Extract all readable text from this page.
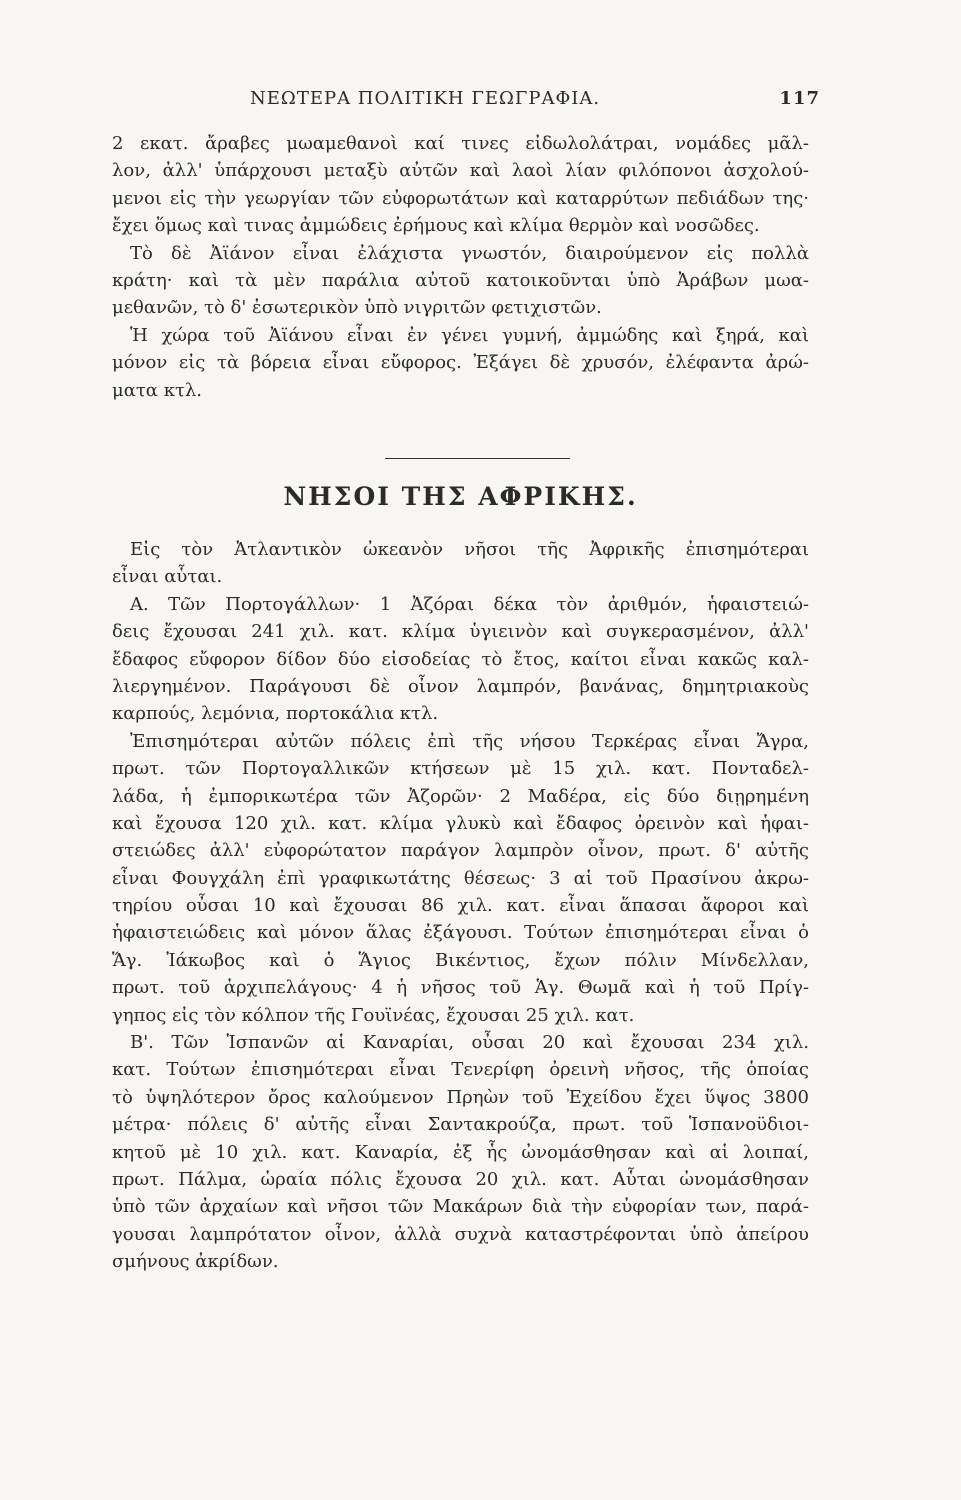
ΝΕΩΤΕΡΑ ΠΟΛΙΤΙΚΗ ΓΕΩΓΡΑΦΙΑ.	117
2 εκατ. ἄραβες μωαμεθανοὶ καί τινες εἰδωλολάτραι, νομάδες μᾶλ-
λον, ἀλλ' ὑπάρχουσι μεταξὺ αὐτῶν καὶ λαοὶ λίαν φιλόπονοι ἀσχολού-
μενοι εἰς τὴν γεωργίαν τῶν εὐφορωτάτων καὶ καταρρύτων πεδιάδων της·
ἔχει ὅμως καὶ τινας ἀμμώδεις ἐρήμους καὶ κλίμα θερμὸν καὶ νοσῶδες.
Τὸ δὲ Ἀϊάνον εἶναι ἐλάχιστα γνωστόν, διαιρούμενον εἰς πολλὰ
κράτη· καὶ τὰ μὲν παράλια αὐτοῦ κατοικοῦνται ὑπὸ Ἀράβων μωα-
μεθανῶν, τὸ δ' ἐσωτερικὸν ὑπὸ νιγριτῶν φετιχιστῶν.
Ἡ χώρα τοῦ Ἀϊάνου εἶναι ἐν γένει γυμνή, ἀμμώδης καὶ ξηρά, καὶ
μόνον εἰς τὰ βόρεια εἶναι εὔφορος. Ἐξάγει δὲ χρυσόν, ἐλέφαντα ἀρώ-
ματα κτλ.
ΝΗΣΟΙ ΤΗΣ ΑΦΡΙΚΗΣ.
Εἰς τὸν Ἀτλαντικὸν ὠκεανὸν νῆσοι τῆς Ἀφρικῆς ἐπισημότεραι
εἶναι αὗται.
Α. Τῶν Πορτογάλλων· 1 Ἀζόραι δέκα τὸν ἀριθμόν, ἡφαιστειώ-
δεις ἔχουσαι 241 χιλ. κατ. κλίμα ὑγιεινὸν καὶ συγκερασμένον, ἀλλ'
ἔδαφος εὔφορον δίδον δύο εἰσοδείας τὸ ἔτος, καίτοι εἶναι κακῶς καλ-
λιεργημένον. Παράγουσι δὲ οἶνον λαμπρόν, βανάνας, δημητριακοὺς
καρπούς, λεμόνια, πορτοκάλια κτλ.
Ἐπισημότεραι αὐτῶν πόλεις ἐπὶ τῆς νήσου Τερκέρας εἶναι Ἄγρα,
πρωτ. τῶν Πορτογαλλικῶν κτήσεων μὲ 15 χιλ. κατ. Πονταδελ-
λάδα, ἡ ἐμπορικωτέρα τῶν Ἀζορῶν· 2 Μαδέρα, εἰς δύο διῃρημένη
καὶ ἔχουσα 120 χιλ. κατ. κλίμα γλυκὺ καὶ ἔδαφος ὀρεινὸν καὶ ἡφαι-
στειώδες ἀλλ' εὐφορώτατον παράγον λαμπρὸν οἶνον, πρωτ. δ' αὐτῆς
εἶναι Φουγχάλη ἐπὶ γραφικωτάτης θέσεως· 3 αἱ τοῦ Πρασίνου ἀκρω-
τηρίου οὖσαι 10 καὶ ἔχουσαι 86 χιλ. κατ. εἶναι ἅπασαι ἄφοροι καὶ
ἡφαιστειώδεις καὶ μόνον ἅλας ἐξάγουσι. Τούτων ἐπισημότεραι εἶναι ὁ
Ἅγ. Ἰάκωβος καὶ ὁ Ἅγιος Βικέντιος, ἔχων πόλιν Μίνδελλαν,
πρωτ. τοῦ ἀρχιπελάγους· 4 ἡ νῆσος τοῦ Ἁγ. Θωμᾶ καὶ ἡ τοῦ Πρίγ-
γηπος εἰς τὸν κόλπον τῆς Γουϊνέας, ἔχουσαι 25 χιλ. κατ.
Β'. Τῶν Ἱσπανῶν αἱ Καναρίαι, οὖσαι 20 καὶ ἔχουσαι 234 χιλ.
κατ. Τούτων ἐπισημότεραι εἶναι Τενερίφη ὀρεινὴ νῆσος, τῆς ὁποίας
τὸ ὑψηλότερον ὄρος καλούμενον Πρηὼν τοῦ Ἐχείδου ἔχει ὕψος 3800
μέτρα· πόλεις δ' αὐτῆς εἶναι Σαντακρούζα, πρωτ. τοῦ Ἱσπανοϋδιοι-
κητοῦ μὲ 10 χιλ. κατ. Καναρία, ἐξ ἧς ὠνομάσθησαν καὶ αἱ λοιπαί,
πρωτ. Πάλμα, ὡραία πόλις ἔχουσα 20 χιλ. κατ. Αὗται ὠνομάσθησαν
ὑπὸ τῶν ἀρχαίων καὶ νῆσοι τῶν Μακάρων διὰ τὴν εὐφορίαν των, παρά-
γουσαι λαμπρότατον οἶνον, ἀλλὰ συχνὰ καταστρέφονται ὑπὸ ἀπείρου
σμήνους ἀκρίδων.
